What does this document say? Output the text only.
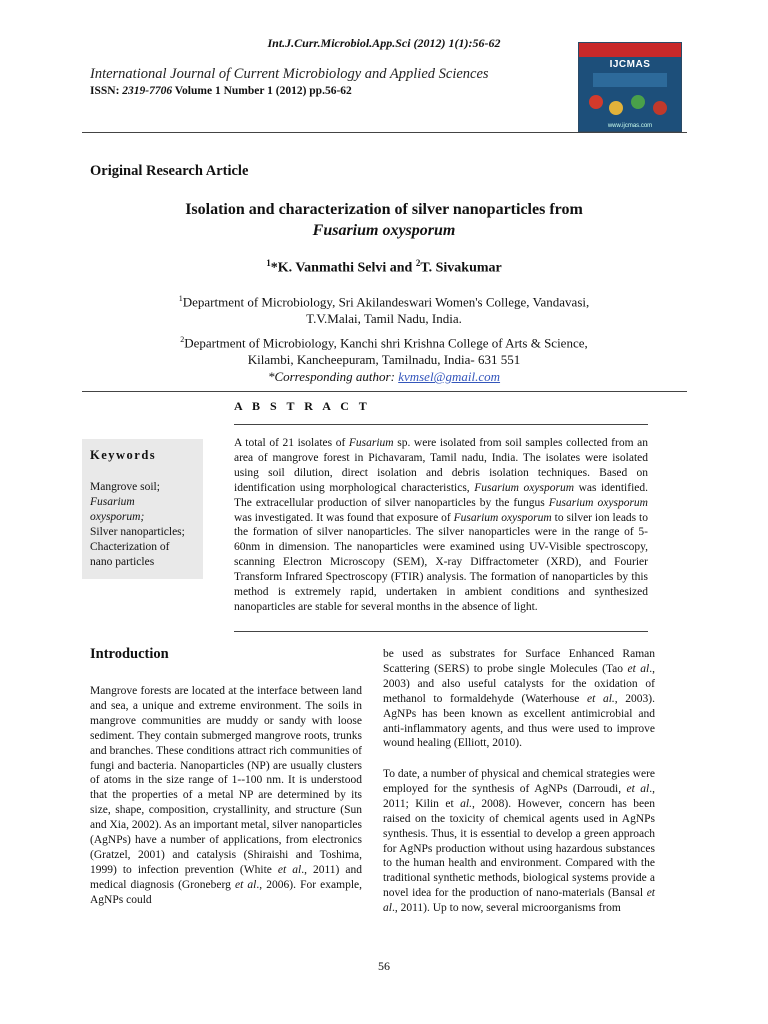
Int.J.Curr.Microbiol.App.Sci (2012) 1(1):56-62
International Journal of Current Microbiology and Applied Sciences
ISSN: 2319-7706 Volume 1 Number 1 (2012) pp.56-62
IJCMAS
www.ijcmas.com
Original Research Article
Isolation and characterization of silver nanoparticles from
Fusarium oxysporum
$^1$*K. Vanmathi Selvi and $^2$T. Sivakumar
$^1$Department of Microbiology, Sri Akilandeswari Women's College, Vandavasi,
T.V.Malai, Tamil Nadu, India.
$^2$Department of Microbiology, Kanchi shri Krishna College of Arts & Science,
Kilambi, Kancheepuram, Tamilnadu, India- 631 551
*Corresponding author: kvmsel@gmail.com
A B S T R A C T
Keywords
Mangrove soil;
Fusarium
oxysporum;
Silver nanoparticles;
Chacterization of
nano particles
A total of 21 isolates of Fusarium sp. were isolated from soil samples collected from an area of mangrove forest in Pichavaram, Tamil nadu, India. The isolates were isolated using soil dilution, direct isolation and debris isolation techniques. Based on identification using morphological characteristics, Fusarium oxysporum was identified. The extracellular production of silver nanoparticles by the fungus Fusarium oxysporum was investigated. It was found that exposure of Fusarium oxysporum to silver ion leads to the formation of silver nanoparticles. The silver nanoparticles were in the range of 5-60nm in dimension. The nanoparticles were examined using UV-Visible spectroscopy, scanning Electron Microscopy (SEM), X-ray Diffractometer (XRD), and Fourier Transform Infrared Spectroscopy (FTIR) analysis. The formation of nanoparticles by this method is extremely rapid, undertaken in ambient conditions and synthesized nanoparticles are stable for several months in the absence of light.
Introduction
Mangrove forests are located at the interface between land and sea, a unique and extreme environment. The soils in mangrove communities are muddy or sandy with loose sediment. They contain submerged mangrove roots, trunks and branches. These conditions attract rich communities of fungi and bacteria. Nanoparticles (NP) are usually clusters of atoms in the size range of 1--100 nm. It is understood that the properties of a metal NP are determined by its size, shape, composition, crystallinity, and structure (Sun and Xia, 2002). As an important metal, silver nanoparticles (AgNPs) have a number of applications, from electronics (Gratzel, 2001) and catalysis (Shiraishi and Toshima, 1999) to infection prevention (White et al., 2011) and medical diagnosis (Groneberg et al., 2006). For example, AgNPs could
be used as substrates for Surface Enhanced Raman Scattering (SERS) to probe single Molecules (Tao et al., 2003) and also useful catalysts for the oxidation of methanol to formaldehyde (Waterhouse et al., 2003). AgNPs has been known as excellent antimicrobial and anti-inflammatory agents, and thus were used to improve wound healing (Elliott, 2010).
To date, a number of physical and chemical strategies were employed for the synthesis of AgNPs (Darroudi, et al., 2011; Kilin et al., 2008). However, concern has been raised on the toxicity of chemical agents used in AgNPs synthesis. Thus, it is essential to develop a green approach for AgNPs production without using hazardous substances to the human health and environment. Compared with the traditional synthetic methods, biological systems provide a novel idea for the production of nano-materials (Bansal et al., 2011). Up to now, several microorganisms from
56
